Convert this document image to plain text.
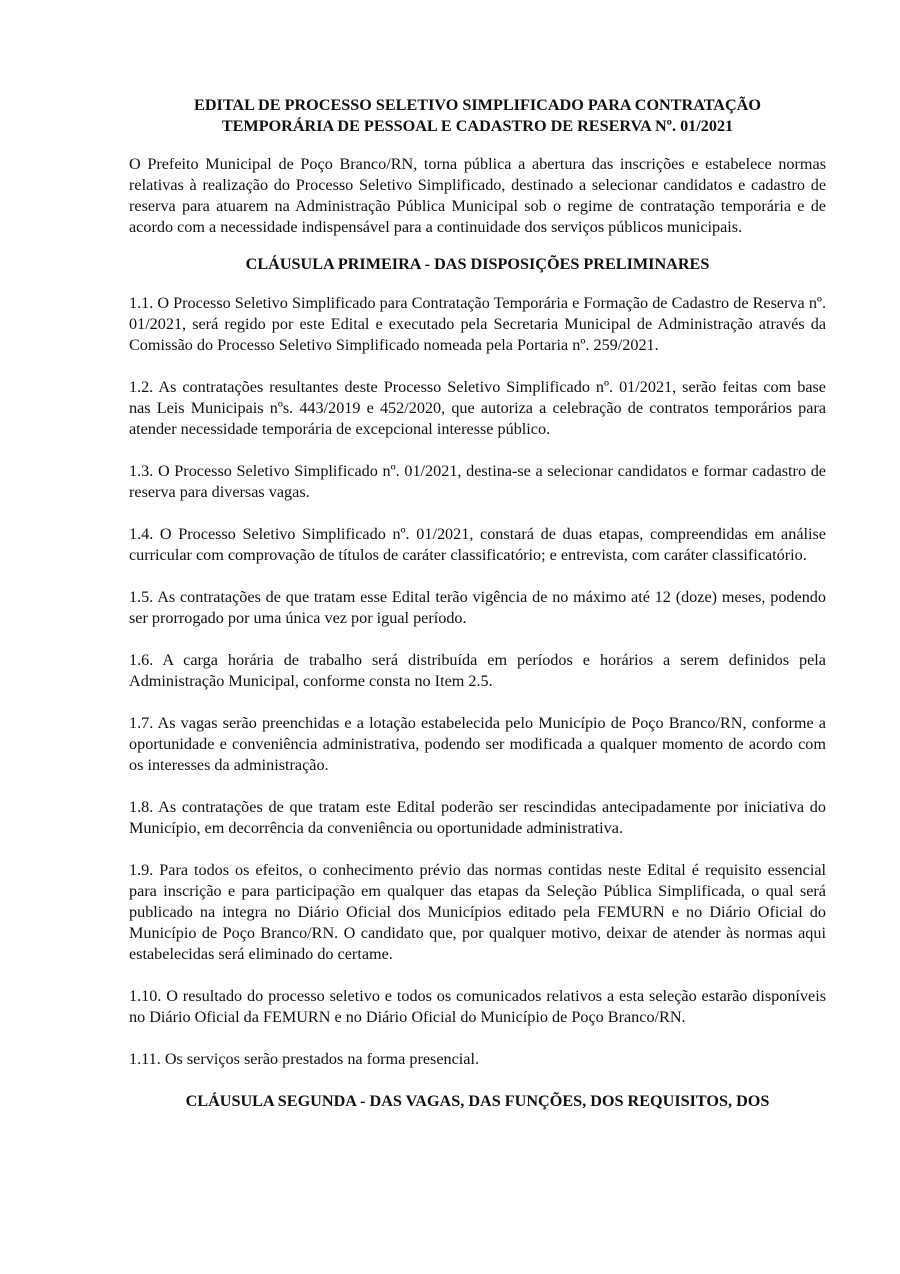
EDITAL DE PROCESSO SELETIVO SIMPLIFICADO PARA CONTRATAÇÃO
TEMPORÁRIA DE PESSOAL E CADASTRO DE RESERVA Nº. 01/2021

O Prefeito Municipal de Poço Branco/RN, torna pública a abertura das inscrições e estabelece normas relativas à realização do Processo Seletivo Simplificado, destinado a selecionar candidatos e cadastro de reserva para atuarem na Administração Pública Municipal sob o regime de contratação temporária e de acordo com a necessidade indispensável para a continuidade dos serviços públicos municipais.

CLÁUSULA PRIMEIRA - DAS DISPOSIÇÕES PRELIMINARES

1.1. O Processo Seletivo Simplificado para Contratação Temporária e Formação de Cadastro de Reserva nº. 01/2021, será regido por este Edital e executado pela Secretaria Municipal de Administração através da Comissão do Processo Seletivo Simplificado nomeada pela Portaria nº. 259/2021.

1.2. As contratações resultantes deste Processo Seletivo Simplificado nº. 01/2021, serão feitas com base nas Leis Municipais nºs. 443/2019 e 452/2020, que autoriza a celebração de contratos temporários para atender necessidade temporária de excepcional interesse público.

1.3. O Processo Seletivo Simplificado nº. 01/2021, destina-se a selecionar candidatos e formar cadastro de reserva para diversas vagas.

1.4. O Processo Seletivo Simplificado nº. 01/2021, constará de duas etapas, compreendidas em análise curricular com comprovação de títulos de caráter classificatório; e entrevista, com caráter classificatório.

1.5. As contratações de que tratam esse Edital terão vigência de no máximo até 12 (doze) meses, podendo ser prorrogado por uma única vez por igual período.

1.6. A carga horária de trabalho será distribuída em períodos e horários a serem definidos pela Administração Municipal, conforme consta no Item 2.5.

1.7. As vagas serão preenchidas e a lotação estabelecida pelo Município de Poço Branco/RN, conforme a oportunidade e conveniência administrativa, podendo ser modificada a qualquer momento de acordo com os interesses da administração.

1.8. As contratações de que tratam este Edital poderão ser rescindidas antecipadamente por iniciativa do Município, em decorrência da conveniência ou oportunidade administrativa.

1.9. Para todos os efeitos, o conhecimento prévio das normas contidas neste Edital é requisito essencial para inscrição e para participação em qualquer das etapas da Seleção Pública Simplificada, o qual será publicado na integra no Diário Oficial dos Municípios editado pela FEMURN e no Diário Oficial do Município de Poço Branco/RN. O candidato que, por qualquer motivo, deixar de atender às normas aqui estabelecidas será eliminado do certame.

1.10. O resultado do processo seletivo e todos os comunicados relativos a esta seleção estarão disponíveis no Diário Oficial da FEMURN e no Diário Oficial do Município de Poço Branco/RN.

1.11. Os serviços serão prestados na forma presencial.

CLÁUSULA SEGUNDA - DAS VAGAS, DAS FUNÇÕES, DOS REQUISITOS, DOS
